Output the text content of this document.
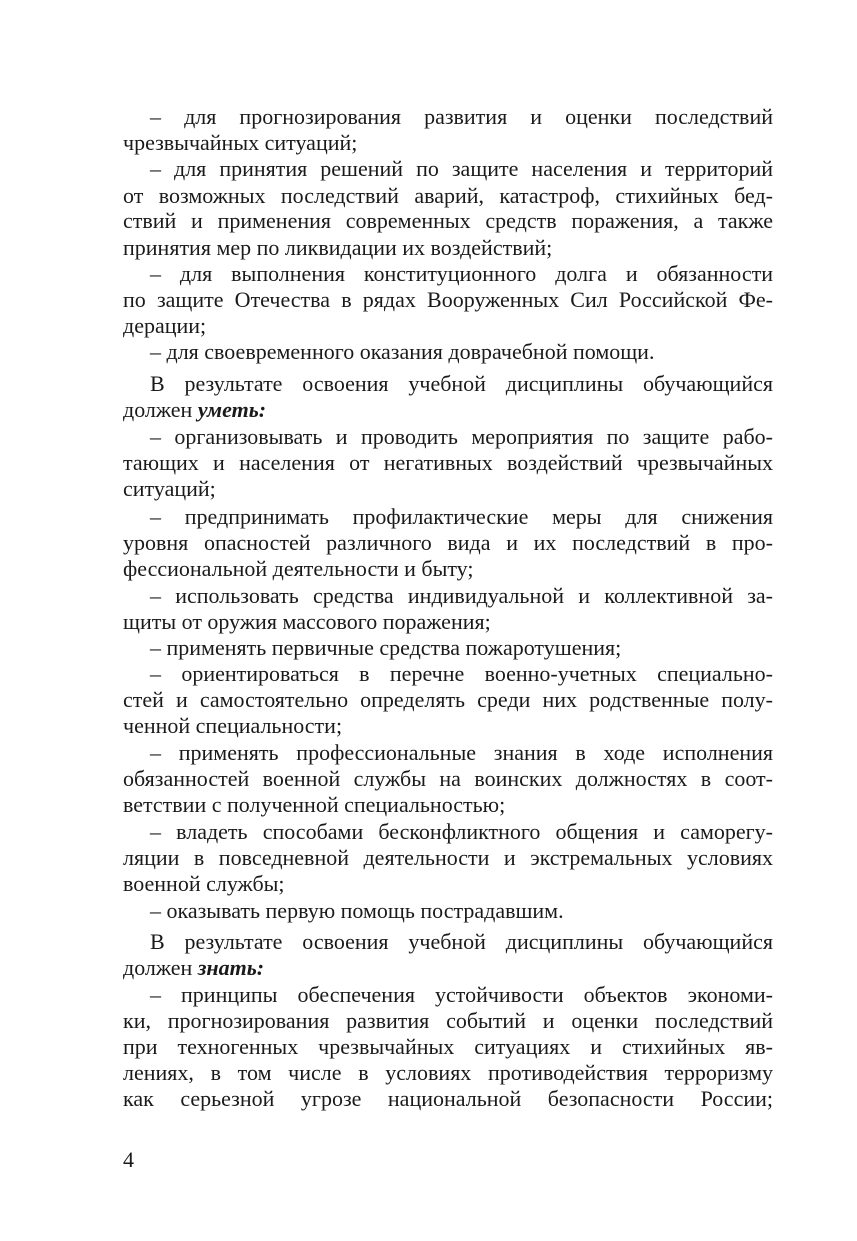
– для прогнозирования развития и оценки последствий
чрезвычайных ситуаций;
– для принятия решений по защите населения и территорий
от возможных последствий аварий, катастроф, стихийных бед-
ствий и применения современных средств поражения, а также
принятия мер по ликвидации их воздействий;
– для выполнения конституционного долга и обязанности
по защите Отечества в рядах Вооруженных Сил Российской Фе-
дерации;
– для своевременного оказания доврачебной помощи.
В результате освоения учебной дисциплины обучающийся
должен уметь:
– организовывать и проводить мероприятия по защите рабо-
тающих и населения от негативных воздействий чрезвычайных
ситуаций;
– предпринимать профилактические меры для снижения
уровня опасностей различного вида и их последствий в про-
фессиональной деятельности и быту;
– использовать средства индивидуальной и коллективной за-
щиты от оружия массового поражения;
– применять первичные средства пожаротушения;
– ориентироваться в перечне военно-учетных специально-
стей и самостоятельно определять среди них родственные полу-
ченной специальности;
– применять профессиональные знания в ходе исполнения
обязанностей военной службы на воинских должностях в соот-
ветствии с полученной специальностью;
– владеть способами бесконфликтного общения и саморегу-
ляции в повседневной деятельности и экстремальных условиях
военной службы;
– оказывать первую помощь пострадавшим.
В результате освоения учебной дисциплины обучающийся
должен знать:
– принципы обеспечения устойчивости объектов экономи-
ки, прогнозирования развития событий и оценки последствий
при техногенных чрезвычайных ситуациях и стихийных яв-
лениях, в том числе в условиях противодействия терроризму
как серьезной угрозе национальной безопасности России;
4
